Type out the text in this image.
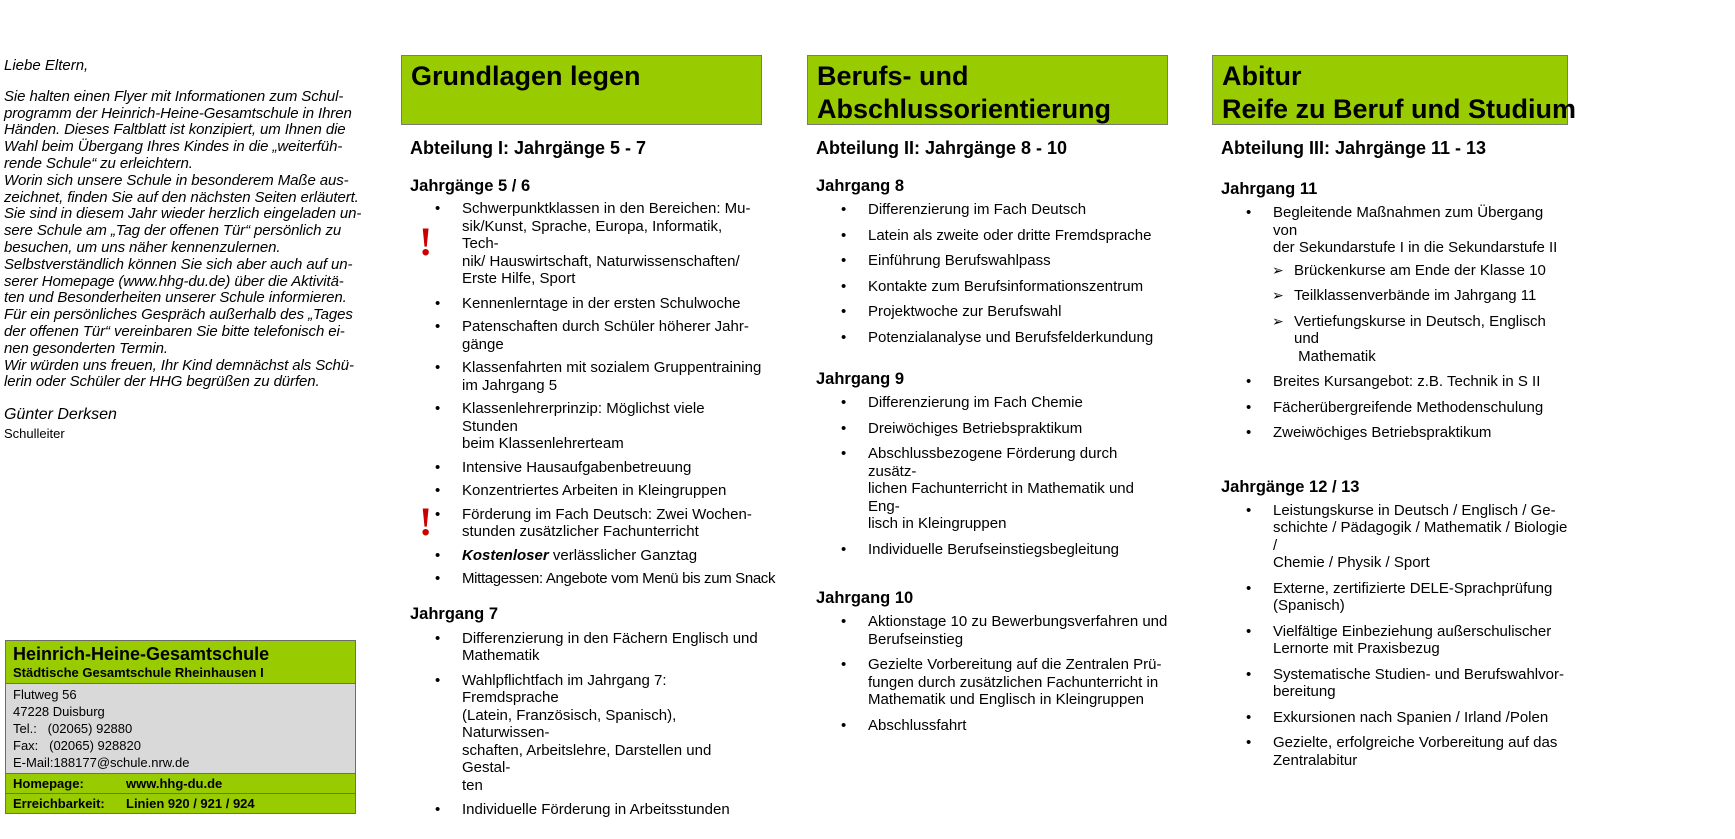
Liebe Eltern,
Sie halten einen Flyer mit Informationen zum Schul-
programm der Heinrich-Heine-Gesamtschule in Ihren
Händen. Dieses Faltblatt ist konzipiert, um Ihnen die
Wahl beim Übergang Ihres Kindes in die „weiterfüh-
rende Schule“ zu erleichtern.
Worin sich unsere Schule in besonderem Maße aus-
zeichnet, finden Sie auf den nächsten Seiten erläutert.
Sie sind in diesem Jahr wieder herzlich eingeladen un-
sere Schule am „Tag der offenen Tür“ persönlich zu
besuchen, um uns näher kennenzulernen.
Selbstverständlich können Sie sich aber auch auf un-
serer Homepage (www.hhg-du.de) über die Aktivitä-
ten und Besonderheiten unserer Schule informieren.
Für ein persönliches Gespräch außerhalb des „Tages
der offenen Tür“ vereinbaren Sie bitte telefonisch ei-
nen gesonderten Termin.
Wir würden uns freuen, Ihr Kind demnächst als Schü-
lerin oder Schüler der HHG begrüßen zu dürfen.
Günter Derksen
Schulleiter
Heinrich-Heine-Gesamtschule
Städtische Gesamtschule Rheinhausen I
Flutweg 56
47228 Duisburg
Tel.:   (02065) 92880
Fax:   (02065) 928820
E-Mail:188177@schule.nrw.de
Homepage:	www.hhg-du.de
Erreichbarkeit: Linien 920 / 921 / 924
Grundlagen legen
Abteilung I: Jahrgänge 5 - 7
Jahrgänge 5 / 6
• Schwerpunktklassen in den Bereichen: Mu-
sik/Kunst, Sprache, Europa, Informatik, Tech-
nik/ Hauswirtschaft, Naturwissenschaften/
Erste Hilfe, Sport
• Kennenlerntage in der ersten Schulwoche
• Patenschaften durch Schüler höherer Jahr-
gänge
• Klassenfahrten mit sozialem Gruppentraining
im Jahrgang 5
• Klassenlehrerprinzip: Möglichst viele Stunden
beim Klassenlehrerteam
• Intensive Hausaufgabenbetreuung
• Konzentriertes Arbeiten in Kleingruppen
• Förderung im Fach Deutsch: Zwei Wochen-
stunden zusätzlicher Fachunterricht
• Kostenloser verlässlicher Ganztag
• Mittagessen: Angebote vom Menü bis zum Snack
!
!
Jahrgang 7
• Differenzierung in den Fächern Englisch und
Mathematik
• Wahlpflichtfach im Jahrgang 7: Fremdsprache
(Latein, Französisch, Spanisch), Naturwissen-
schaften, Arbeitslehre, Darstellen und Gestal-
ten
• Individuelle Förderung in Arbeitsstunden
Berufs- und
Abschlussorientierung
Abteilung II: Jahrgänge 8 - 10
Jahrgang 8
• Differenzierung im Fach Deutsch
• Latein als zweite oder dritte Fremdsprache
• Einführung Berufswahlpass
• Kontakte zum Berufsinformationszentrum
• Projektwoche zur Berufswahl
• Potenzialanalyse und Berufsfelderkundung
Jahrgang 9
• Differenzierung im Fach Chemie
• Dreiwöchiges Betriebspraktikum
• Abschlussbezogene Förderung durch zusätz-
lichen Fachunterricht in Mathematik und Eng-
lisch in Kleingruppen
• Individuelle Berufseinstiegsbegleitung
Jahrgang 10
• Aktionstage 10 zu Bewerbungsverfahren und
Berufseinstieg
• Gezielte Vorbereitung auf die Zentralen Prü-
fungen durch zusätzlichen Fachunterricht in
Mathematik und Englisch in Kleingruppen
• Abschlussfahrt
Abitur
Reife zu Beruf und Studium
Abteilung III: Jahrgänge 11 - 13
Jahrgang 11
• Begleitende Maßnahmen zum Übergang von
der Sekundarstufe I in die Sekundarstufe II
➢ Brückenkurse am Ende der Klasse 10
➢ Teilklassenverbände im Jahrgang 11
➢ Vertiefungskurse in Deutsch, Englisch und
Mathematik
• Breites Kursangebot: z.B. Technik in S II
• Fächerübergreifende Methodenschulung
• Zweiwöchiges Betriebspraktikum
Jahrgänge 12 / 13
• Leistungskurse in Deutsch / Englisch / Ge-
schichte / Pädagogik / Mathematik / Biologie /
Chemie / Physik / Sport
• Externe, zertifizierte DELE-Sprachprüfung
(Spanisch)
• Vielfältige Einbeziehung außerschulischer
Lernorte mit Praxisbezug
• Systematische Studien- und Berufswahlvor-
bereitung
• Exkursionen nach Spanien / Irland /Polen
• Gezielte, erfolgreiche Vorbereitung auf das
Zentralabitur
